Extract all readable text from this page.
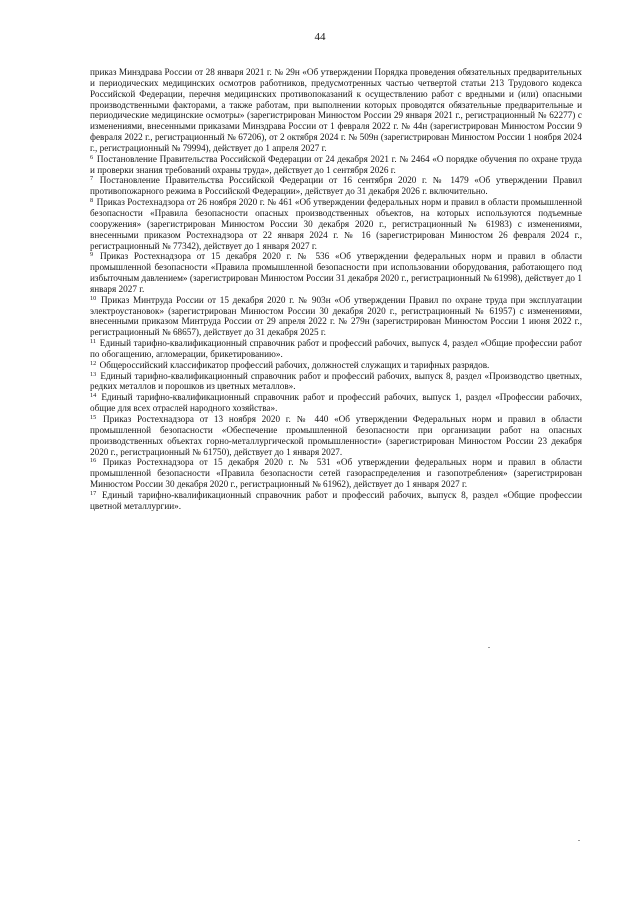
44

приказ Минздрава России от 28 января 2021 г. № 29н «Об утверждении Порядка проведения обязательных предварительных и периодических медицинских осмотров работников, предусмотренных частью четвертой статьи 213 Трудового кодекса Российской Федерации, перечня медицинских противопоказаний к осуществлению работ с вредными и (или) опасными производственными факторами, а также работам, при выполнении которых проводятся обязательные предварительные и периодические медицинские осмотры» (зарегистрирован Минюстом России 29 января 2021 г., регистрационный № 62277) с изменениями, внесенными приказами Минздрава России от 1 февраля 2022 г. № 44н (зарегистрирован Минюстом России 9 февраля 2022 г., регистрационный № 67206), от 2 октября 2024 г. № 509н (зарегистрирован Минюстом России 1 ноября 2024 г., регистрационный № 79994), действует до 1 апреля 2027 г.

$^6$ Постановление Правительства Российской Федерации от 24 декабря 2021 г. № 2464 «О порядке обучения по охране труда и проверки знания требований охраны труда», действует до 1 сентября 2026 г.

$^7$ Постановление Правительства Российской Федерации от 16 сентября 2020 г. № 1479 «Об утверждении Правил противопожарного режима в Российской Федерации», действует до 31 декабря 2026 г. включительно.

$^8$ Приказ Ростехнадзора от 26 ноября 2020 г. № 461 «Об утверждении федеральных норм и правил в области промышленной безопасности «Правила безопасности опасных производственных объектов, на которых используются подъемные сооружения» (зарегистрирован Минюстом России 30 декабря 2020 г., регистрационный № 61983) с изменениями, внесенными приказом Ростехнадзора от 22 января 2024 г. № 16 (зарегистрирован Минюстом 26 февраля 2024 г., регистрационный № 77342), действует до 1 января 2027 г.

$^9$ Приказ Ростехнадзора от 15 декабря 2020 г. № 536 «Об утверждении федеральных норм и правил в области промышленной безопасности «Правила промышленной безопасности при использовании оборудования, работающего под избыточным давлением» (зарегистрирован Минюстом России 31 декабря 2020 г., регистрационный № 61998), действует до 1 января 2027 г.

$^{10}$ Приказ Минтруда России от 15 декабря 2020 г. № 903н «Об утверждении Правил по охране труда при эксплуатации электроустановок» (зарегистрирован Минюстом России 30 декабря 2020 г., регистрационный № 61957) с изменениями, внесенными приказом Минтруда России от 29 апреля 2022 г. № 279н (зарегистрирован Минюстом России 1 июня 2022 г., регистрационный № 68657), действует до 31 декабря 2025 г.

$^{11}$ Единый тарифно-квалификационный справочник работ и профессий рабочих, выпуск 4, раздел «Общие профессии работ по обогащению, агломерации, брикетированию».

$^{12}$ Общероссийский классификатор профессий рабочих, должностей служащих и тарифных разрядов.

$^{13}$ Единый тарифно-квалификационный справочник работ и профессий рабочих, выпуск 8, раздел «Производство цветных, редких металлов и порошков из цветных металлов».

$^{14}$ Единый тарифно-квалификационный справочник работ и профессий рабочих, выпуск 1, раздел «Профессии рабочих, общие для всех отраслей народного хозяйства».

$^{15}$ Приказ Ростехнадзора от 13 ноября 2020 г. № 440 «Об утверждении Федеральных норм и правил в области промышленной безопасности «Обеспечение промышленной безопасности при организации работ на опасных производственных объектах горно-металлургической промышленности» (зарегистрирован Минюстом России 23 декабря 2020 г., регистрационный № 61750), действует до 1 января 2027.

$^{16}$ Приказ Ростехнадзора от 15 декабря 2020 г. № 531 «Об утверждении федеральных норм и правил в области промышленной безопасности «Правила безопасности сетей газораспределения и газопотребления» (зарегистрирован Минюстом России 30 декабря 2020 г., регистрационный № 61962), действует до 1 января 2027 г.

$^{17}$ Единый тарифно-квалификационный справочник работ и профессий рабочих, выпуск 8, раздел «Общие профессии цветной металлургии».
